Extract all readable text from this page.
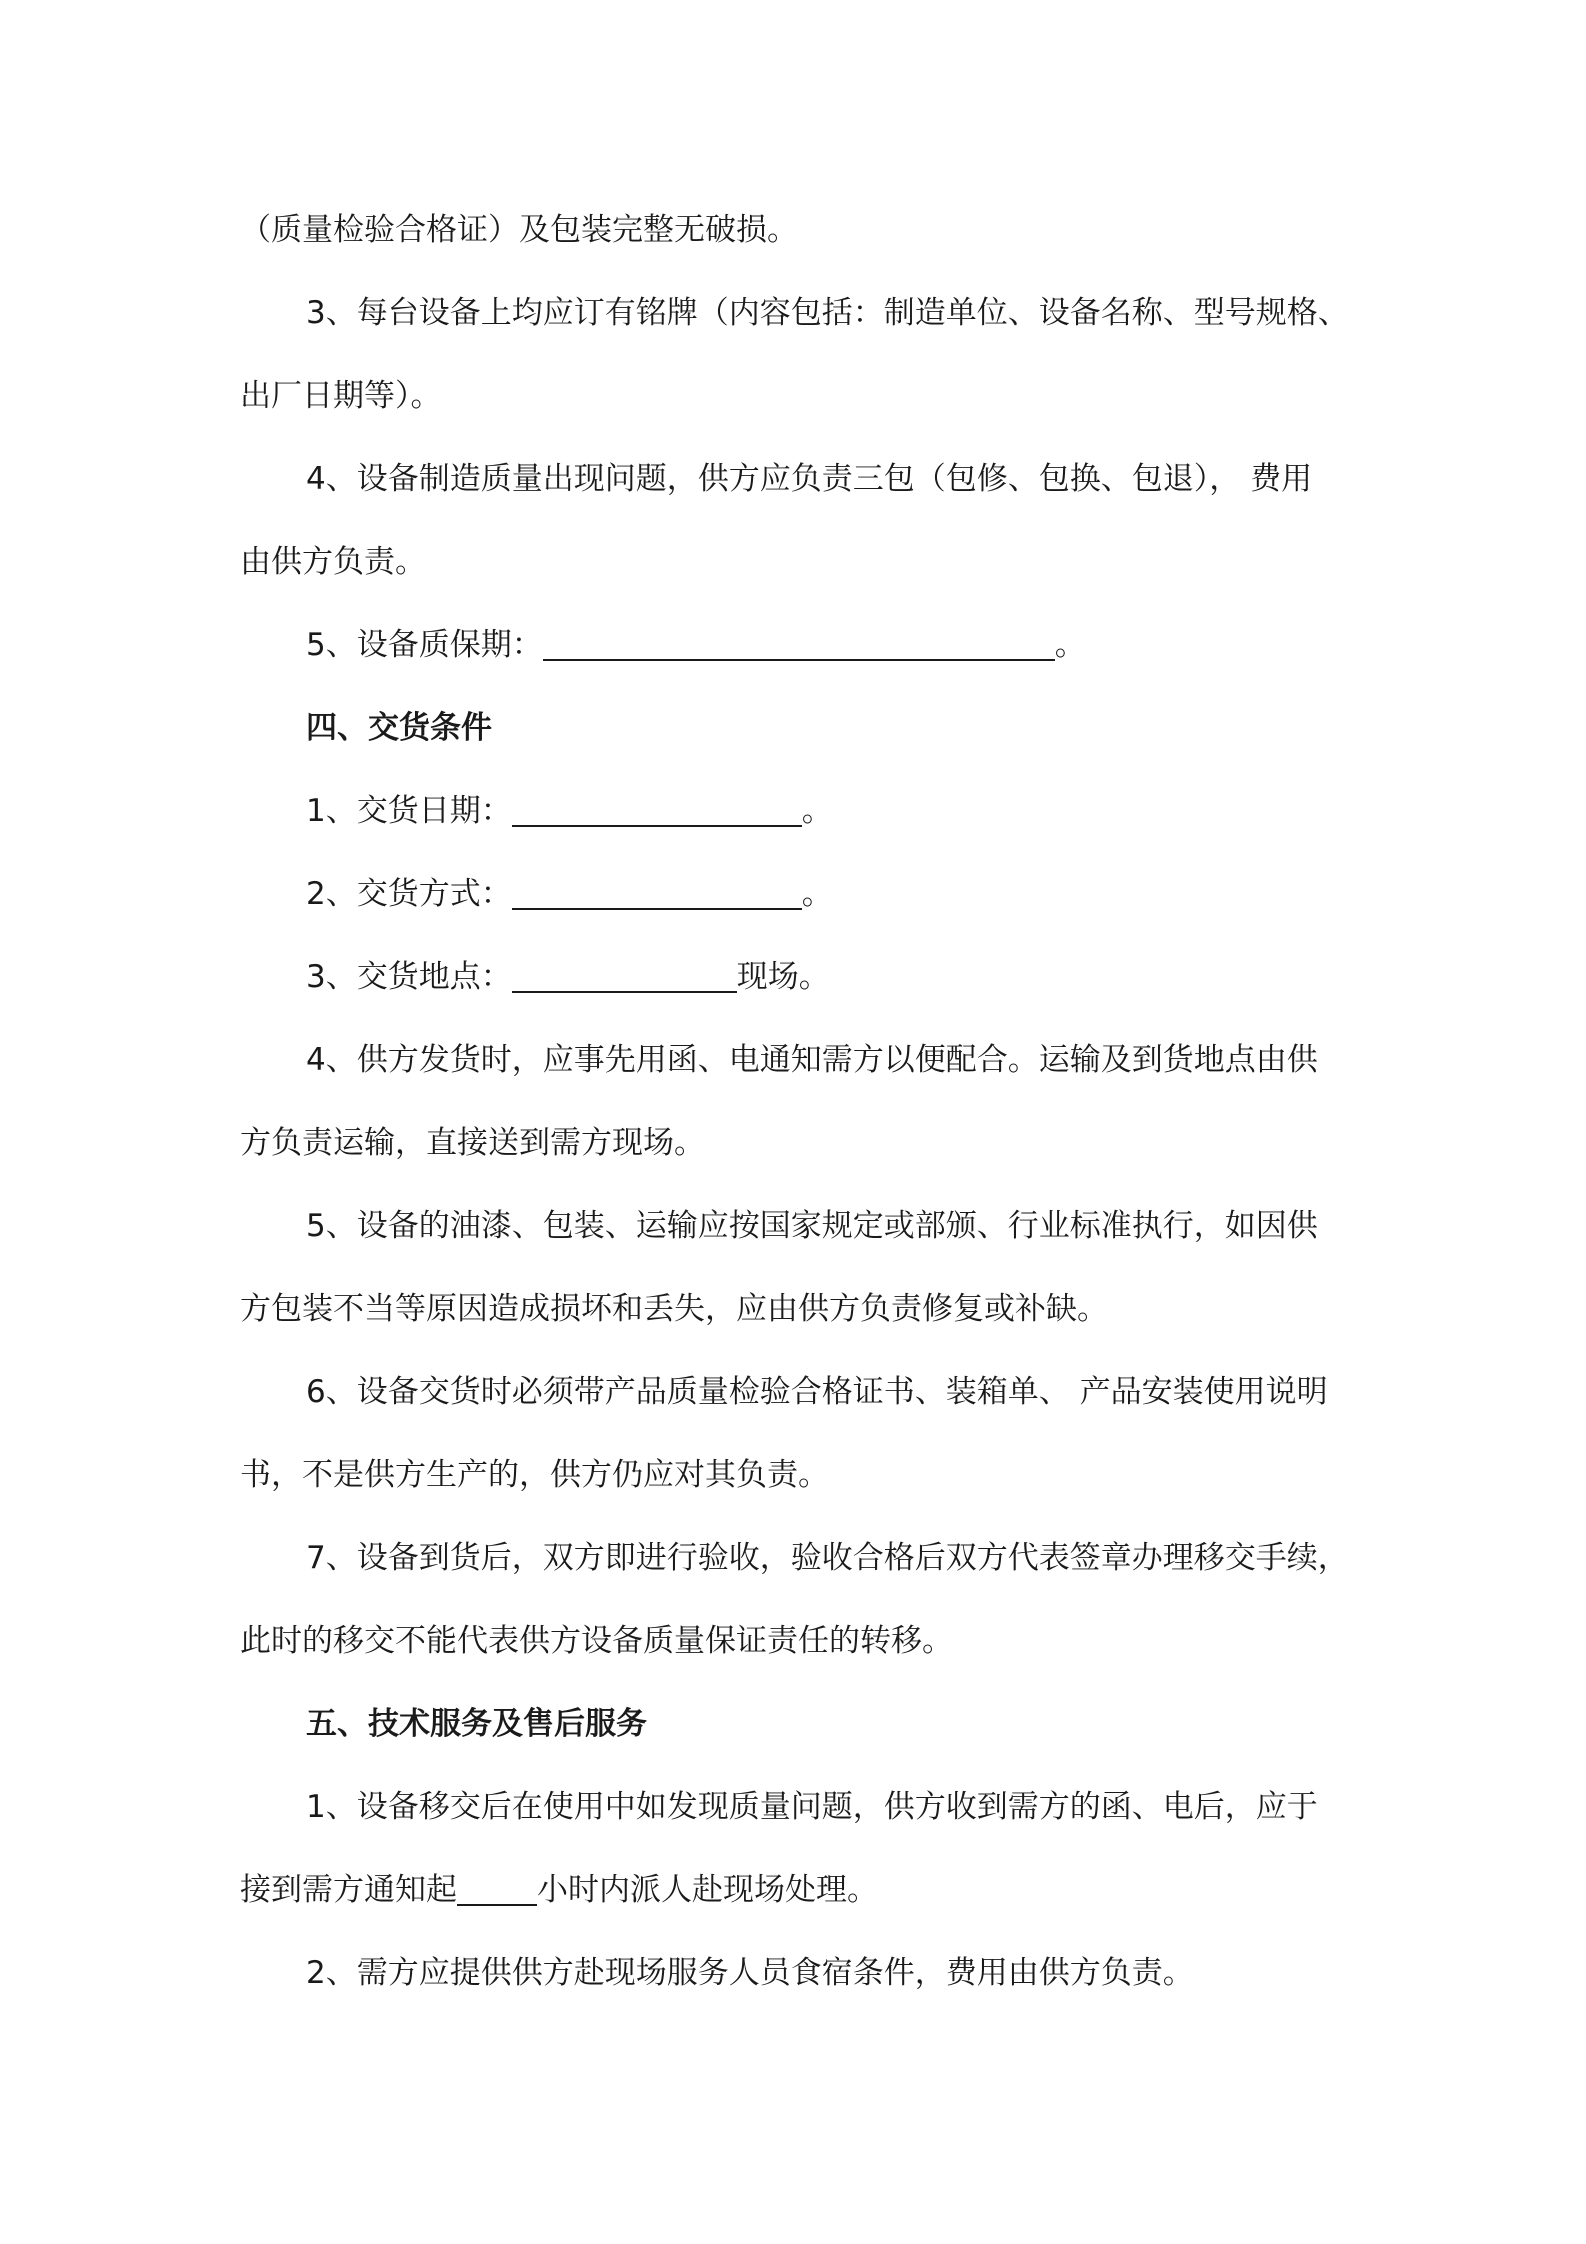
（质量检验合格证）及包装完整无破损。
3、每台设备上均应订有铭牌（内容包括：制造单位、设备名称、型号规格、
出厂日期等）。
4、设备制造质量出现问题，供方应负责三包（包修、包换、包退）， 费用
由供方负责。
5、设备质保期：	。
四、交货条件
1、交货日期：	。
2、交货方式：	。
3、交货地点：	现场。
4、供方发货时，应事先用函、电通知需方以便配合。运输及到货地点由供
方负责运输，直接送到需方现场。
5、设备的油漆、包装、运输应按国家规定或部颁、行业标准执行，如因供
方包装不当等原因造成损坏和丢失，应由供方负责修复或补缺。
6、设备交货时必须带产品质量检验合格证书、装箱单、 产品安装使用说明
书，不是供方生产的，供方仍应对其负责。
7、设备到货后，双方即进行验收，验收合格后双方代表签章办理移交手续，
此时的移交不能代表供方设备质量保证责任的转移。
五、技术服务及售后服务
1、设备移交后在使用中如发现质量问题，供方收到需方的函、电后，应于
接到需方通知起	小时内派人赴现场处理。
2、需方应提供供方赴现场服务人员食宿条件，费用由供方负责。
